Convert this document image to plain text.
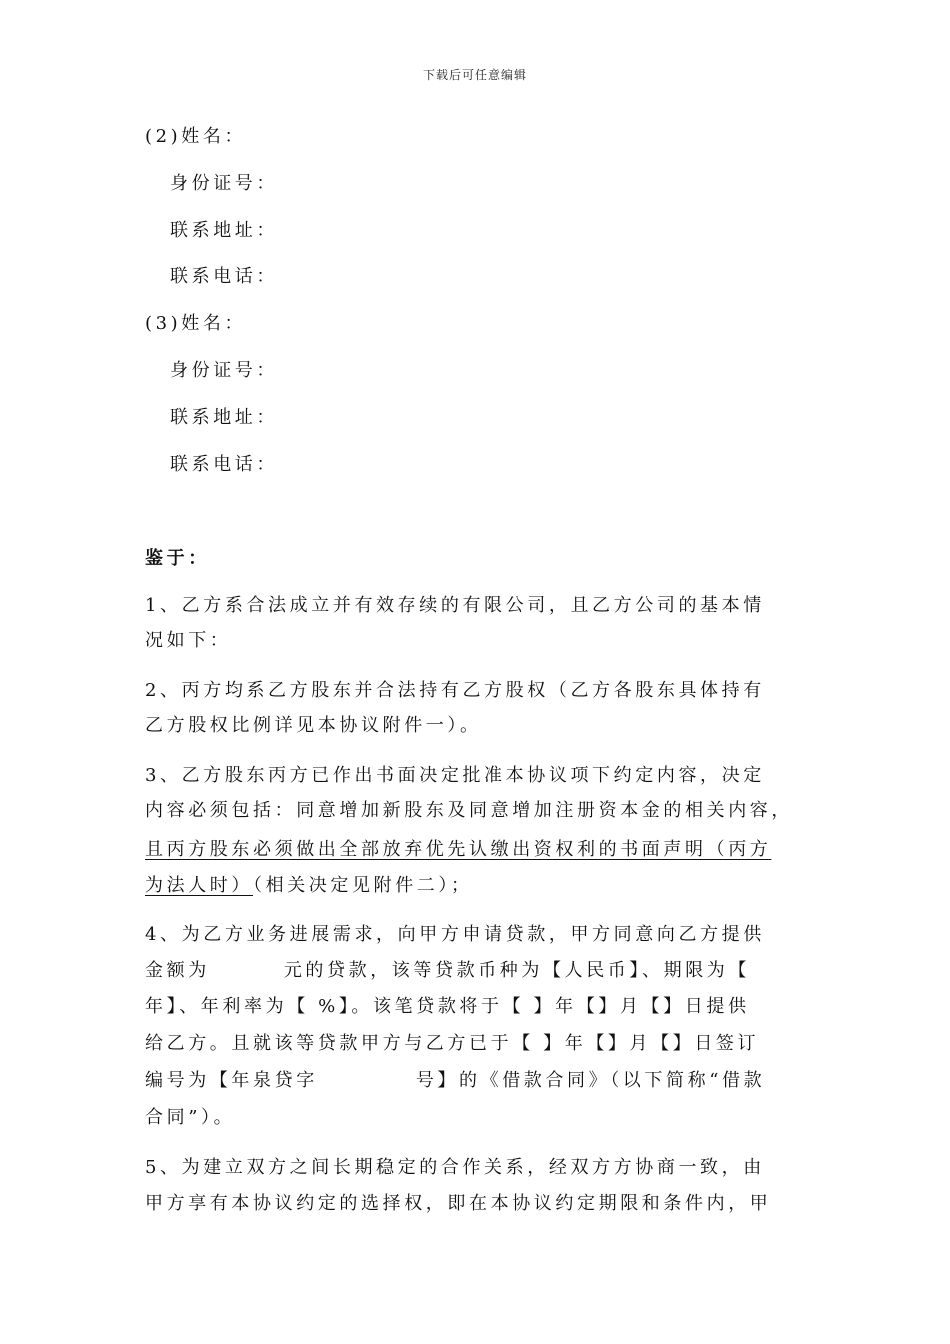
下载后可任意编辑
(2)姓名：
身份证号：
联系地址：
联系电话：
(3)姓名：
身份证号：
联系地址：
联系电话：
鉴于：
1、乙方系合法成立并有效存续的有限公司，且乙方公司的基本情
况如下：
2、丙方均系乙方股东并合法持有乙方股权（乙方各股东具体持有
乙方股权比例详见本协议附件一）。
3、乙方股东丙方已作出书面决定批准本协议项下约定内容，决定
内容必须包括：同意增加新股东及同意增加注册资本金的相关内容，
且丙方股东必须做出全部放弃优先认缴出资权利的书面声明（丙方
为法人时）（相关决定见附件二）；
4、为乙方业务进展需求，向甲方申请贷款，甲方同意向乙方提供
金额为	元的贷款，该等贷款币种为【人民币】、期限为【
年】、年利率为【 %】。该笔贷款将于【 】年【】月【】日提供
给乙方。且就该等贷款甲方与乙方已于【 】年【】月【】日签订
编号为【年泉贷字	号】的《借款合同》（以下简称“借款
合同”）。
5、为建立双方之间长期稳定的合作关系，经双方方协商一致，由
甲方享有本协议约定的选择权，即在本协议约定期限和条件内，甲
